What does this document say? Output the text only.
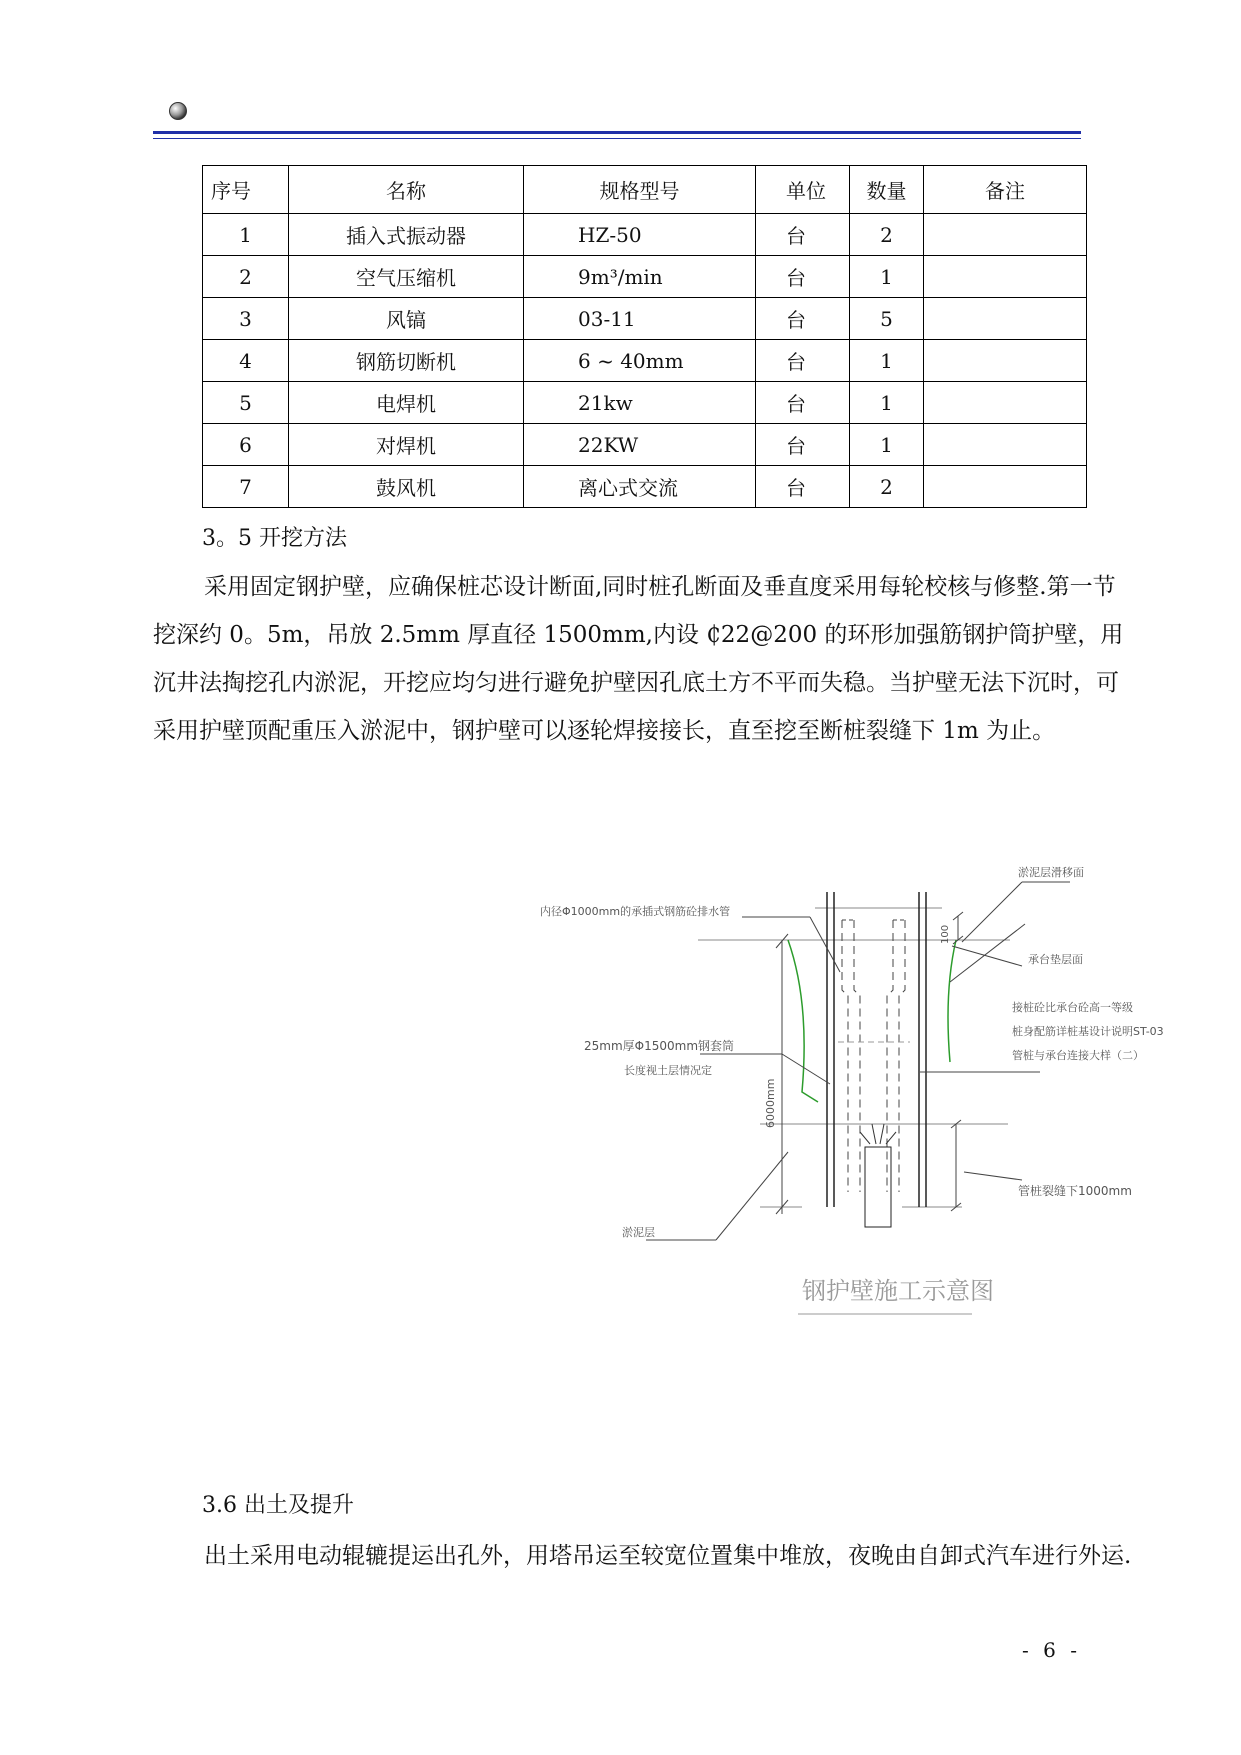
序号	名称	规格型号	单位	数量	备注
1	插入式振动器	HZ-50	台	2	
2	空气压缩机	9m³/min	台	1	
3	风镐	03-11	台	5	
4	钢筋切断机	6 ~ 40mm	台	1	
5	电焊机	21kw	台	1	
6	对焊机	22KW	台	1	
7	鼓风机	离心式交流	台	2	
3。5 开挖方法

采用固定钢护壁，应确保桩芯设计断面,同时桩孔断面及垂直度采用每轮校核与修整.第一节挖深约 0。5m，吊放 2.5mm 厚直径 1500mm,内设 ₵22@200 的环形加强筋钢护筒护壁，用沉井法掏挖孔内淤泥，开挖应均匀进行避免护壁因孔底土方不平而失稳。当护壁无法下沉时，可采用护壁顶配重压入淤泥中，钢护壁可以逐轮焊接接长，直至挖至断桩裂缝下 1m 为止。

内径Φ1000mm的承插式钢筋砼排水管
淤泥层滑移面
承台垫层面
接桩砼比承台砼高一等级
桩身配筋详桩基设计说明ST-03
管桩与承台连接大样（二）
25mm厚Φ1500mm钢套筒
长度视土层情况定
6000mm
100
管桩裂缝下1000mm
淤泥层
钢护壁施工示意图
3.6 出土及提升

出土采用电动辊辘提运出孔外，用塔吊运至较宽位置集中堆放，夜晚由自卸式汽车进行外运.

- 6 -
